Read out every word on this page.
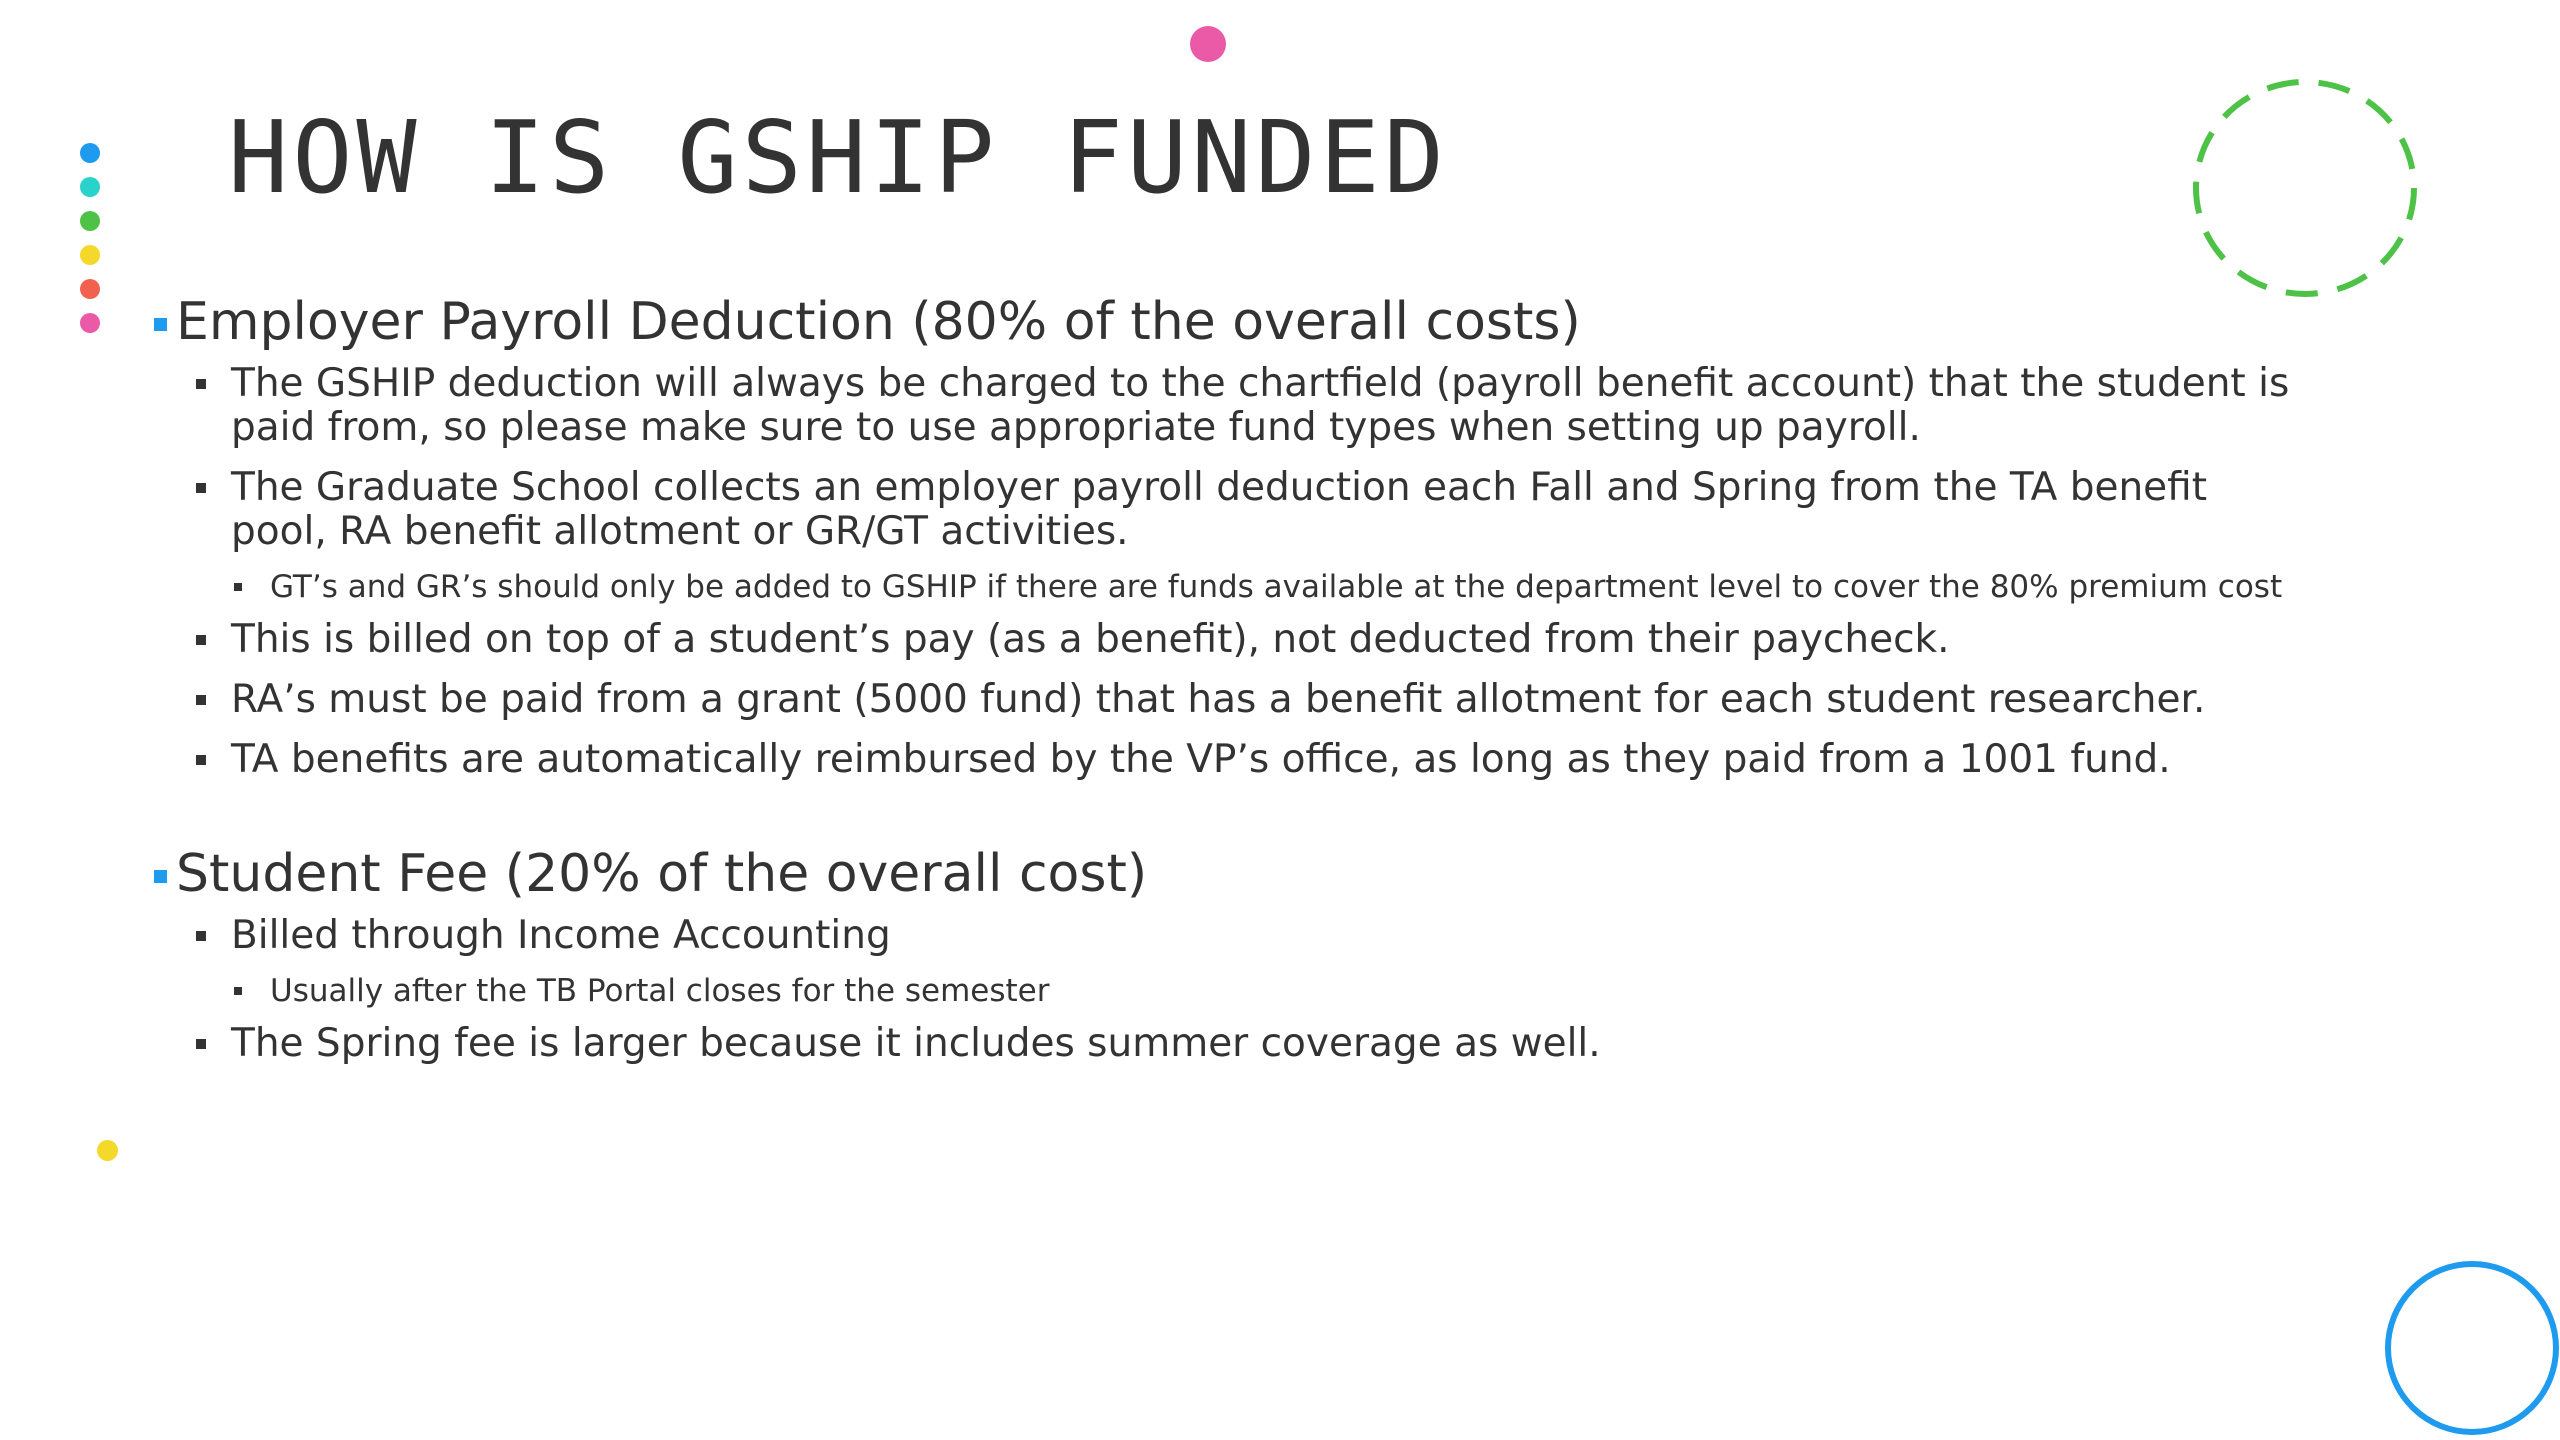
HOW IS GSHIP FUNDED

Employer Payroll Deduction (80% of the overall costs)

The GSHIP deduction will always be charged to the chartfield (payroll benefit account) that the student is paid from, so please make sure to use appropriate fund types when setting up payroll.

The Graduate School collects an employer payroll deduction each Fall and Spring from the TA benefit pool, RA benefit allotment or GR/GT activities.

GT’s and GR’s should only be added to GSHIP if there are funds available at the department level to cover the 80% premium cost

This is billed on top of a student’s pay (as a benefit), not deducted from their paycheck.

RA’s must be paid from a grant (5000 fund) that has a benefit allotment for each student researcher.

TA benefits are automatically reimbursed by the VP’s office, as long as they paid from a 1001 fund.

Student Fee (20% of the overall cost)

Billed through Income Accounting

Usually after the TB Portal closes for the semester

The Spring fee is larger because it includes summer coverage as well.
